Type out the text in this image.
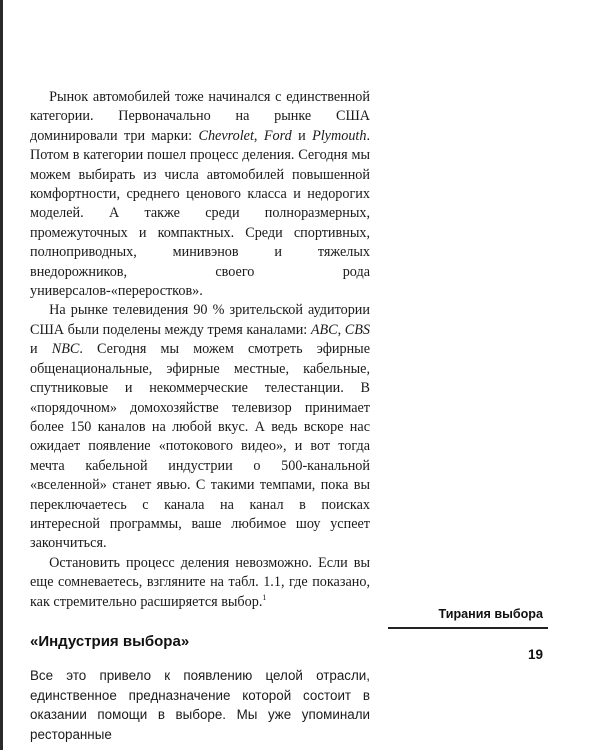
Рынок автомобилей тоже начинался с единственной категории. Первоначально на рынке США доминировали три марки: Chevrolet, Ford и Plymouth. Потом в категории пошел процесс деления. Сегодня мы можем выбирать из числа автомобилей повышенной комфортности, среднего ценового класса и недорогих моделей. А также среди полноразмерных, промежуточных и компактных. Среди спортивных, полноприводных, минивэнов и тяжелых внедорожников, своего рода универсалов-«переростков».

На рынке телевидения 90 % зрительской аудитории США были поделены между тремя каналами: ABC, CBS и NBC. Сегодня мы можем смотреть эфирные общенациональные, эфирные местные, кабельные, спутниковые и некоммерческие телестанции. В «порядочном» домохозяйстве телевизор принимает более 150 каналов на любой вкус. А ведь вскоре нас ожидает появление «потокового видео», и вот тогда мечта кабельной индустрии о 500-канальной «вселенной» станет явью. С такими темпами, пока вы переключаетесь с канала на канал в поисках интересной программы, ваше любимое шоу успеет закончиться.

Остановить процесс деления невозможно. Если вы еще сомневаетесь, взгляните на табл. 1.1, где показано, как стремительно расширяется выбор.$^1$

«Индустрия выбора»

Все это привело к появлению целой отрасли, единственное предназначение которой состоит в оказании помощи в выборе. Мы уже упоминали ресторанные

Тирания выбора
19
